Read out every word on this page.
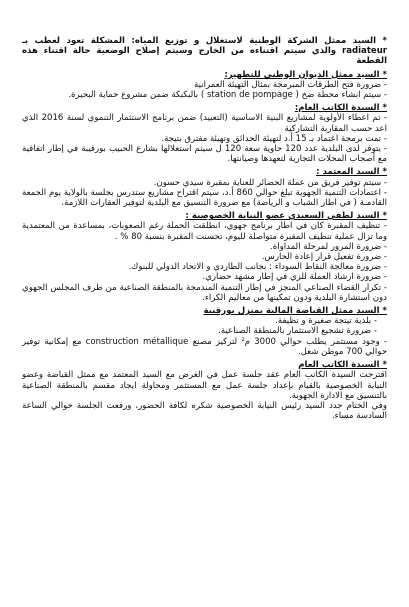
* السيد ممثل الشركة الوطنية لاستغلال و توزيع المياه: المشكلة تعود لعطب بـ radiateur والذي سيتم اقتناءه من الخارج وسيتم إصلاح الوضعية حالة اقتناء هذه القطعة

* السيد ممثل الديوان الوطني للتطهير:

- ضرورة فتح الطرقات المبرمجة بمثال التهيئة العمرانية

- سيتم انشاء محطة ضخ ( station de pompage ) بالبكبكة ضمن مشروع حماية البحيرة.

* السيدة الكاتب العام:

- تم اعطاء الأولوية لمشاريع البنية الاساسية (التعبيد) ضمن برنامج الاستثمار التنموي لسنة 2016 الذي اعد حسب المقاربة التشاركية

- تمت برمجة اعتماد بـ 15 أ.د لتهيئة الحدائق وتهيئة مفترق بتيجة.

- يتوفر لدى البلدية عدد 120 حاوية سعة 120 ل سيتم استغلالها بشارع الحبيب بورقيبة في إطار اتفاقية مع أصحاب المحلات التجارية لتعهدها وصيانتها.

* السيد المعتمد :

- سيتم توفير فريق من عملة الحضائر للعناية بمقبرة سيدي حسون.

- اعتمادات التنمية الجهوية تبلغ حوالي 860 أ.د، سيتم اقتراح مشاريع ستدرس بجلسة بالولاية يوم الجمعة القادمـة ( في اطار الشباب و الرياضة) مع ضرورة التنسيق مع البلدية لتوفير العقارات اللازمة.

* السيد لطفي السعيدي عضو النيابة الخصوصية :

- تنظيف المقبرة كان في اطار برنامج جهوي، انطلقت الحملة رغم الصعوبات، بمساعدة من المعتمدية وما تزال عملية تنظيف المقبرة متواصلة لليوم، تحسنت المقبرة بنسبة 80 % .

- ضرورة المرور لمرحلة المداواة.

- ضرورة تفعيل قرار إعادة الحارس.

- ضرورة معالجة النقاط السوداء : بجانب الطاردي و الاتحاد الدولي للبنوك.

- ضرورة ارشاد العملة للزي في إطار مشهد حضاري.

- تكرار القضاء الصناعي المنجز في إطار التنمية المندمجة بالمنطقة الصناعية من طرف المجلس الجهوي دون استشارة البلدية ودون تمكينها من معاليم الكراء.

* السيد ممثل القباضة المالية بمنزل بورقيبة

- بلدية تيتجة صغيرة و نظيفة.

- ضرورة تشجيع الاستثمار بالمنطقة الصناعية.

- وجود مستثمر يطلب حوالي 3000 م² لتركيز مصنع construction métallique مع إمكانية توفير حوالي 700 موطن شغل.

* السيدة الكاتب العام

اقترحت السيدة الكاتب العام عقد جلسة عمل في الغرض مع السيد المعتمد مع ممثل القباضة وعضو النيابة الخصوصية بالقيام بإعداد جلسة عمل مع المستثمر ومحاولة ايجاد مقسم بالمنطقة الصناعية بالتنسيق مع الادارة الجهوية.

وفي الختام جدد السيد رئيس النيابة الخصوصية شكره لكافة الحضور، ورفعت الجلسة حوالي الساعة السادسة مساء.
